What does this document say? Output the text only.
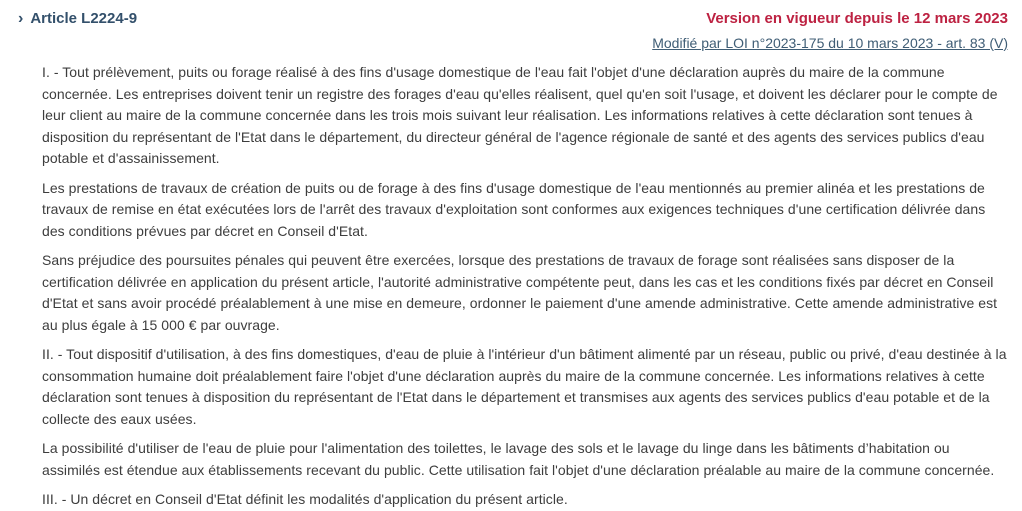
› Article L2224-9	Version en vigueur depuis le 12 mars 2023
Modifié par LOI n°2023-175 du 10 mars 2023 - art. 83 (V)

I. - Tout prélèvement, puits ou forage réalisé à des fins d'usage domestique de l'eau fait l'objet d'une déclaration auprès du maire de la commune concernée. Les entreprises doivent tenir un registre des forages d'eau qu'elles réalisent, quel qu'en soit l'usage, et doivent les déclarer pour le compte de leur client au maire de la commune concernée dans les trois mois suivant leur réalisation. Les informations relatives à cette déclaration sont tenues à disposition du représentant de l'Etat dans le département, du directeur général de l'agence régionale de santé et des agents des services publics d'eau potable et d'assainissement.

Les prestations de travaux de création de puits ou de forage à des fins d'usage domestique de l'eau mentionnés au premier alinéa et les prestations de travaux de remise en état exécutées lors de l'arrêt des travaux d'exploitation sont conformes aux exigences techniques d'une certification délivrée dans des conditions prévues par décret en Conseil d'Etat.

Sans préjudice des poursuites pénales qui peuvent être exercées, lorsque des prestations de travaux de forage sont réalisées sans disposer de la certification délivrée en application du présent article, l'autorité administrative compétente peut, dans les cas et les conditions fixés par décret en Conseil d'Etat et sans avoir procédé préalablement à une mise en demeure, ordonner le paiement d'une amende administrative. Cette amende administrative est au plus égale à 15 000 € par ouvrage.

II. - Tout dispositif d'utilisation, à des fins domestiques, d'eau de pluie à l'intérieur d'un bâtiment alimenté par un réseau, public ou privé, d'eau destinée à la consommation humaine doit préalablement faire l'objet d'une déclaration auprès du maire de la commune concernée. Les informations relatives à cette déclaration sont tenues à disposition du représentant de l'Etat dans le département et transmises aux agents des services publics d'eau potable et de la collecte des eaux usées.

La possibilité d'utiliser de l'eau de pluie pour l'alimentation des toilettes, le lavage des sols et le lavage du linge dans les bâtiments d’habitation ou assimilés est étendue aux établissements recevant du public. Cette utilisation fait l'objet d'une déclaration préalable au maire de la commune concernée.

III. - Un décret en Conseil d'Etat définit les modalités d'application du présent article.
